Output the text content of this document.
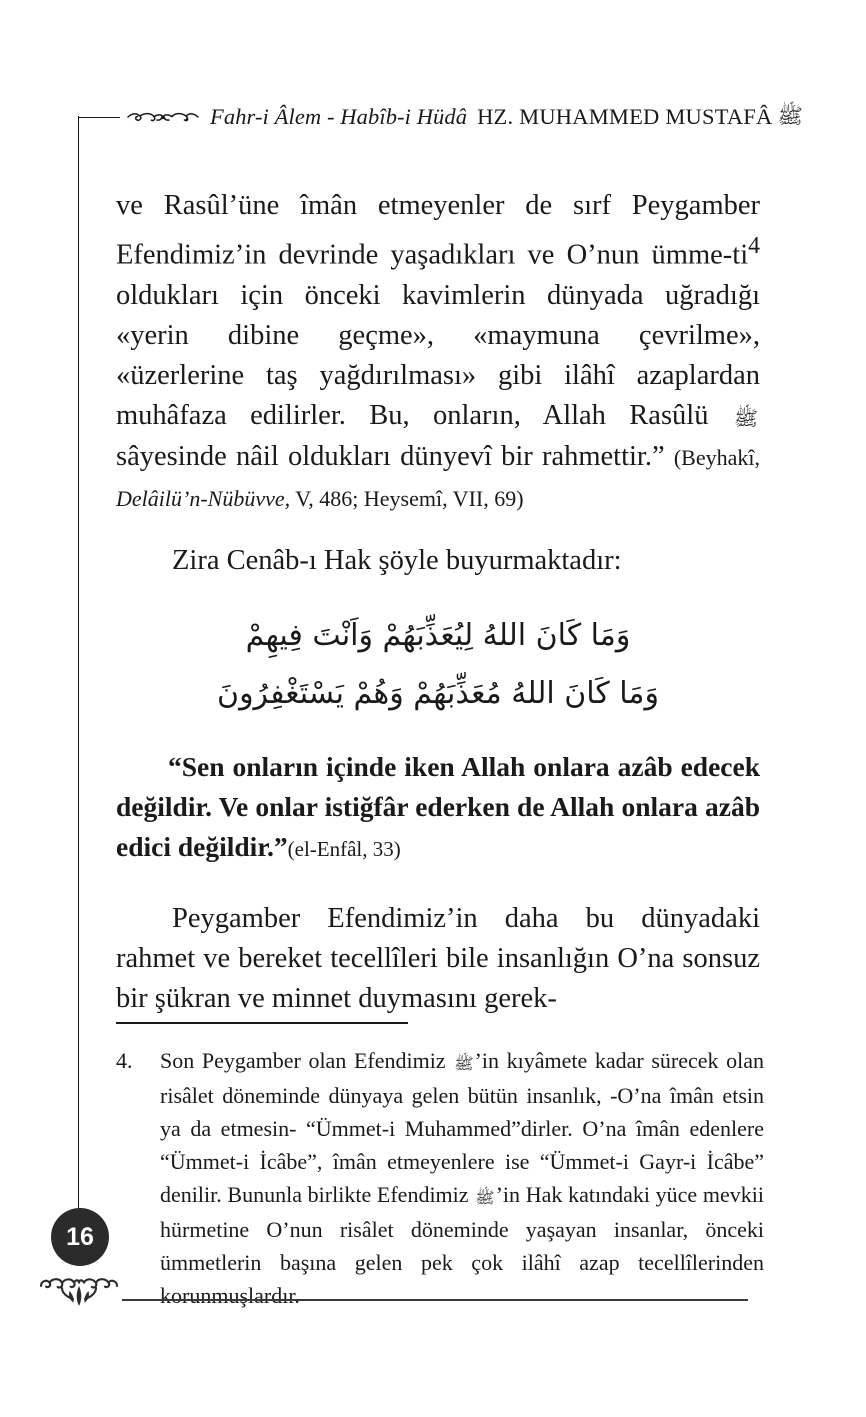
Fahr-i Âlem - Habîb-i Hüdâ HZ. MUHAMMED MUSTAFÂ ﷺ

ve Rasûl’üne îmân etmeyenler de sırf Peygamber Efendimiz’in devrinde yaşadıkları ve O’nun ümme-$ti^4$ oldukları için önceki kavimlerin dünyada uğradığı «yerin dibine geçme», «maymuna çevrilme», «üzerlerine taş yağdırılması» gibi ilâhî azaplardan muhâfaza edilirler. Bu, onların, Allah Rasûlü ﷺ sâyesinde nâil oldukları dünyevî bir rahmettir.” (Beyhakî, Delâilü’n-Nübüvve, V, 486; Heysemî, VII, 69)

Zira Cenâb-ı Hak şöyle buyurmaktadır:

وَمَا كَانَ اللهُ لِيُعَذِّبَهُمْ وَاَنْتَ فِيهِمْ
وَمَا كَانَ اللهُ مُعَذِّبَهُمْ وَهُمْ يَسْتَغْفِرُونَ

“Sen onların içinde iken Allah onlara azâb edecek değildir. Ve onlar istiğfâr ederken de Allah onlara azâb edici değildir.”(el-Enfâl, 33)

Peygamber Efendimiz’in daha bu dünyadaki rahmet ve bereket tecellîleri bile insanlığın O’na sonsuz bir şükran ve minnet duymasını gerek-

4.	Son Peygamber olan Efendimiz ﷺ’in kıyâmete kadar sürecek olan risâlet döneminde dünyaya gelen bütün insanlık, -O’na îmân etsin ya da etmesin- “Ümmet-i Muhammed”dirler. O’na îmân edenlere “Ümmet-i İcâbe”, îmân etmeyenlere ise “Ümmet-i Gayr-i İcâbe” denilir. Bununla birlikte Efendimiz ﷺ’in Hak katındaki yüce mevkii hürmetine O’nun risâlet döneminde yaşayan insanlar, önceki ümmetlerin başına gelen pek çok ilâhî azap tecellîlerinden korunmuşlardır.
16
